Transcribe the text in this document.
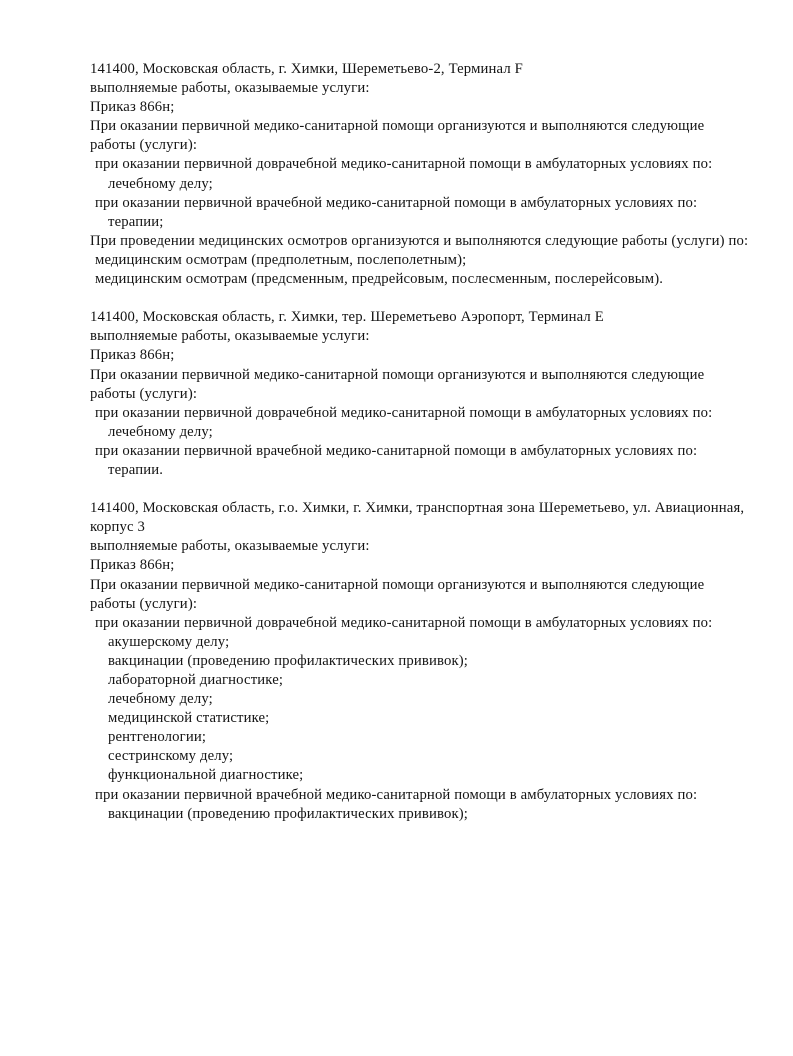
141400, Московская область, г. Химки, Шереметьево-2, Терминал F

выполняемые работы, оказываемые услуги:

Приказ 866н;

При оказании первичной медико-санитарной помощи организуются и выполняются следующие работы (услуги):

при оказании первичной доврачебной медико-санитарной помощи в амбулаторных условиях по:

лечебному делу;

при оказании первичной врачебной медико-санитарной помощи в амбулаторных условиях по:

терапии;

При проведении медицинских осмотров организуются и выполняются следующие работы (услуги) по:

медицинским осмотрам (предполетным, послеполетным);

медицинским осмотрам (предсменным, предрейсовым, послесменным, послерейсовым).

141400, Московская область, г. Химки, тер. Шереметьево Аэропорт, Терминал Е

выполняемые работы, оказываемые услуги:

Приказ 866н;

При оказании первичной медико-санитарной помощи организуются и выполняются следующие работы (услуги):

при оказании первичной доврачебной медико-санитарной помощи в амбулаторных условиях по:

лечебному делу;

при оказании первичной врачебной медико-санитарной помощи в амбулаторных условиях по:

терапии.

141400, Московская область, г.о. Химки, г. Химки, транспортная зона Шереметьево, ул. Авиационная, корпус 3

выполняемые работы, оказываемые услуги:

Приказ 866н;

При оказании первичной медико-санитарной помощи организуются и выполняются следующие работы (услуги):

при оказании первичной доврачебной медико-санитарной помощи в амбулаторных условиях по:

акушерскому делу;

вакцинации (проведению профилактических прививок);

лабораторной диагностике;

лечебному делу;

медицинской статистике;

рентгенологии;

сестринскому делу;

функциональной диагностике;

при оказании первичной врачебной медико-санитарной помощи в амбулаторных условиях по:

вакцинации (проведению профилактических прививок);
